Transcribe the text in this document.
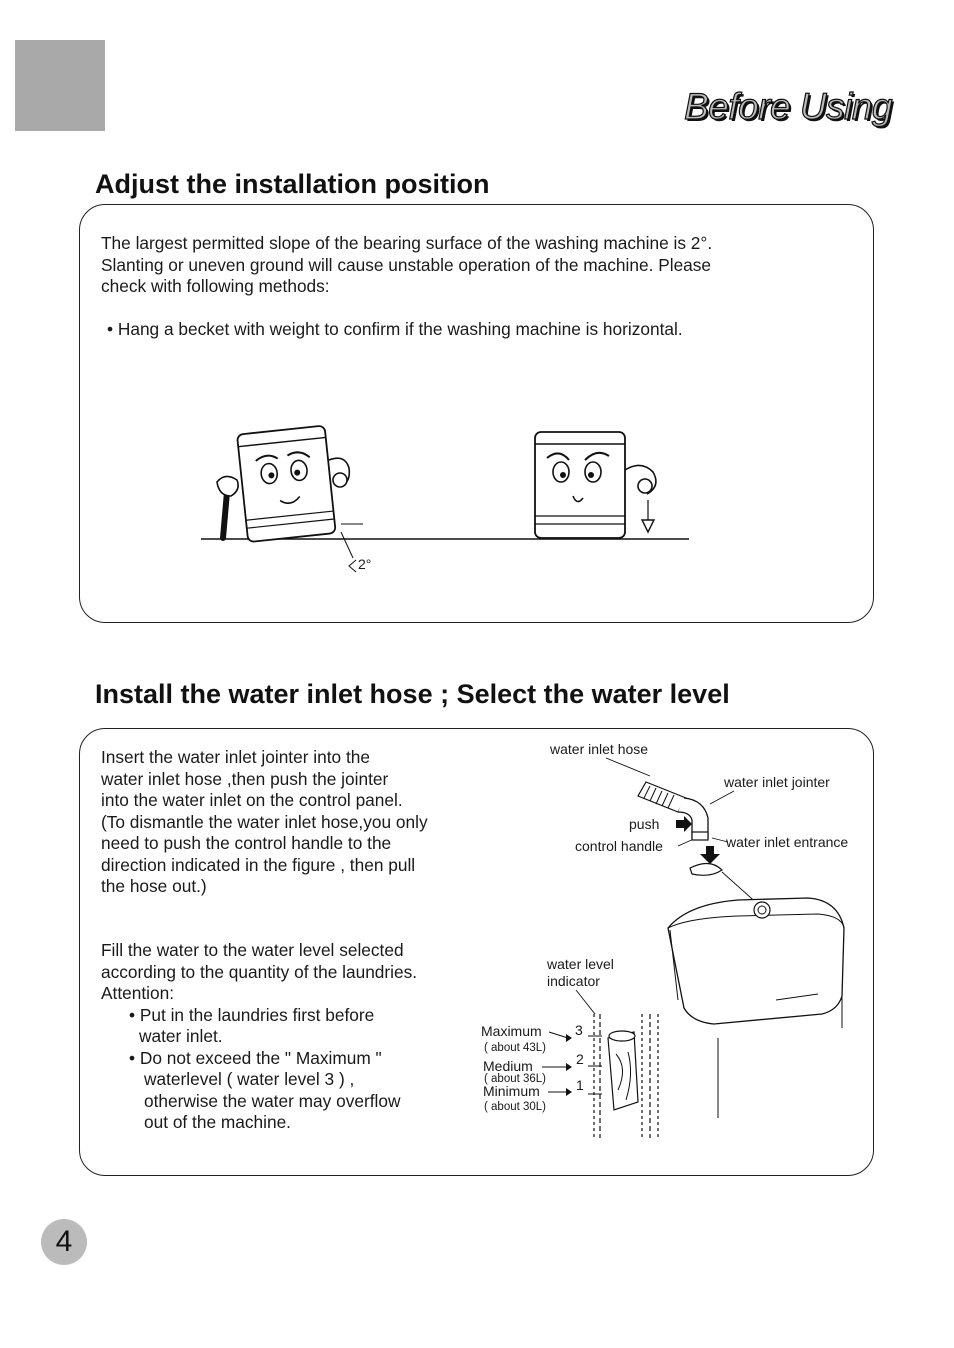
Before Using
Adjust the installation position

The largest permitted slope of the bearing surface of the washing machine is 2°.

Slanting or uneven ground will cause unstable operation of the machine. Please

check with following methods:

• Hang a becket with weight to confirm if the washing machine is horizontal.
2°
Install the water inlet hose ; Select the water level

Insert the water inlet jointer into the

water inlet hose ,then push the jointer

into the water inlet on the control panel.

(To dismantle the water inlet hose,you only

need to push the control handle to the

direction indicated in the figure , then pull

the hose out.)

Fill the water to the water level selected

according to the quantity of the laundries.

Attention:

• Put in the laundries first before

water inlet.

• Do not exceed the " Maximum "

waterlevel ( water level 3 ) ,

otherwise the water may overflow

out of the machine.

water inlet hose
water inlet jointer
push
control handle	water inlet entrance
water level
indicator
3
2
1
Maximum
( about 43L)
Medium
( about 36L)
Minimum
( about 30L)
4
